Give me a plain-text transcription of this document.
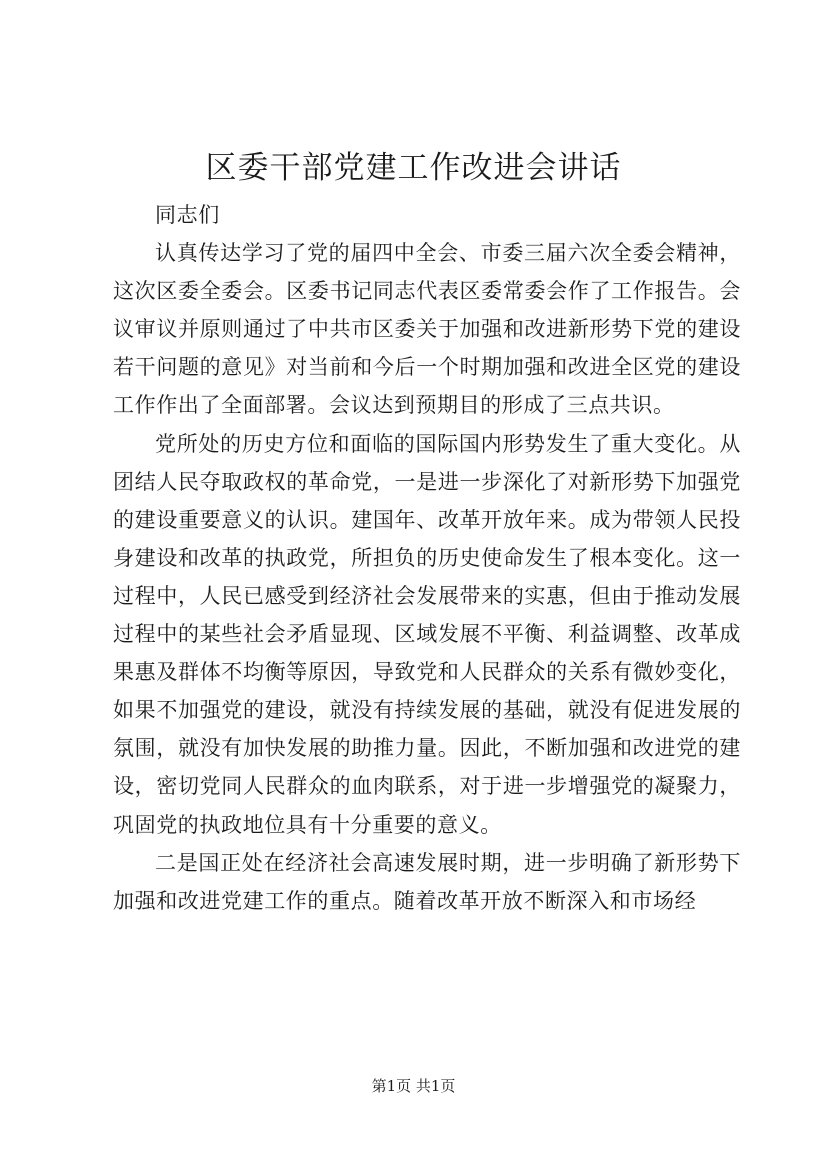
区委干部党建工作改进会讲话

同志们

认真传达学习了党的届四中全会、市委三届六次全委会精神，这次区委全委会。区委书记同志代表区委常委会作了工作报告。会议审议并原则通过了中共市区委关于加强和改进新形势下党的建设若干问题的意见》对当前和今后一个时期加强和改进全区党的建设工作作出了全面部署。会议达到预期目的形成了三点共识。

党所处的历史方位和面临的国际国内形势发生了重大变化。从团结人民夺取政权的革命党，一是进一步深化了对新形势下加强党的建设重要意义的认识。建国年、改革开放年来。成为带领人民投身建设和改革的执政党，所担负的历史使命发生了根本变化。这一过程中，人民已感受到经济社会发展带来的实惠，但由于推动发展过程中的某些社会矛盾显现、区域发展不平衡、利益调整、改革成果惠及群体不均衡等原因，导致党和人民群众的关系有微妙变化，如果不加强党的建设，就没有持续发展的基础，就没有促进发展的氛围，就没有加快发展的助推力量。因此，不断加强和改进党的建设，密切党同人民群众的血肉联系，对于进一步增强党的凝聚力，巩固党的执政地位具有十分重要的意义。

二是国正处在经济社会高速发展时期，进一步明确了新形势下加强和改进党建工作的重点。随着改革开放不断深入和市场经

第1页 共1页
